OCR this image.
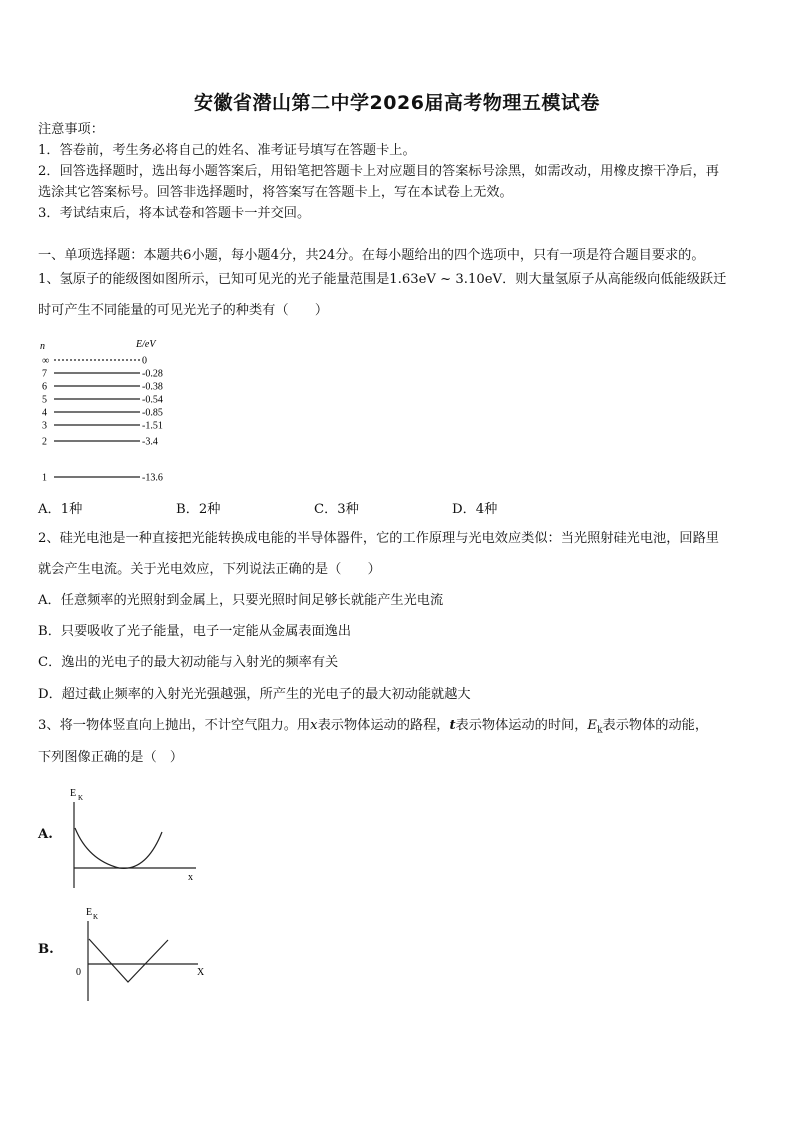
安徽省潜山第二中学2026届高考物理五模试卷
注意事项：
1．答卷前，考生务必将自己的姓名、准考证号填写在答题卡上。
2．回答选择题时，选出每小题答案后，用铅笔把答题卡上对应题目的答案标号涂黑，如需改动，用橡皮擦干净后，再
选涂其它答案标号。回答非选择题时，将答案写在答题卡上，写在本试卷上无效。
3．考试结束后，将本试卷和答题卡一并交回。
一、单项选择题：本题共6小题，每小题4分，共24分。在每小题给出的四个选项中，只有一项是符合题目要求的。
1、氢原子的能级图如图所示，已知可见光的光子能量范围是1.63eV ~ 3.10eV．则大量氢原子从高能级向低能级跃迁
时可产生不同能量的可见光光子的种类有（　　）
n	E/eV
∞	0
7	-0.28
6	-0.38
5	-0.54
4	-0.85
3	-1.51
2	-3.4
1	-13.6
A．1种	B．2种	C．3种	D．4种
2、硅光电池是一种直接把光能转换成电能的半导体器件，它的工作原理与光电效应类似：当光照射硅光电池，回路里
就会产生电流。关于光电效应，下列说法正确的是（　　）
A．任意频率的光照射到金属上，只要光照时间足够长就能产生光电流
B．只要吸收了光子能量，电子一定能从金属表面逸出
C．逸出的光电子的最大初动能与入射光的频率有关
D．超过截止频率的入射光光强越强，所产生的光电子的最大初动能就越大
3、将一物体竖直向上抛出，不计空气阻力。用x表示物体运动的路程，t表示物体运动的时间，$E_k$表示物体的动能，
下列图像正确的是（　）
A.
E K
x
B.
E K
0	X
